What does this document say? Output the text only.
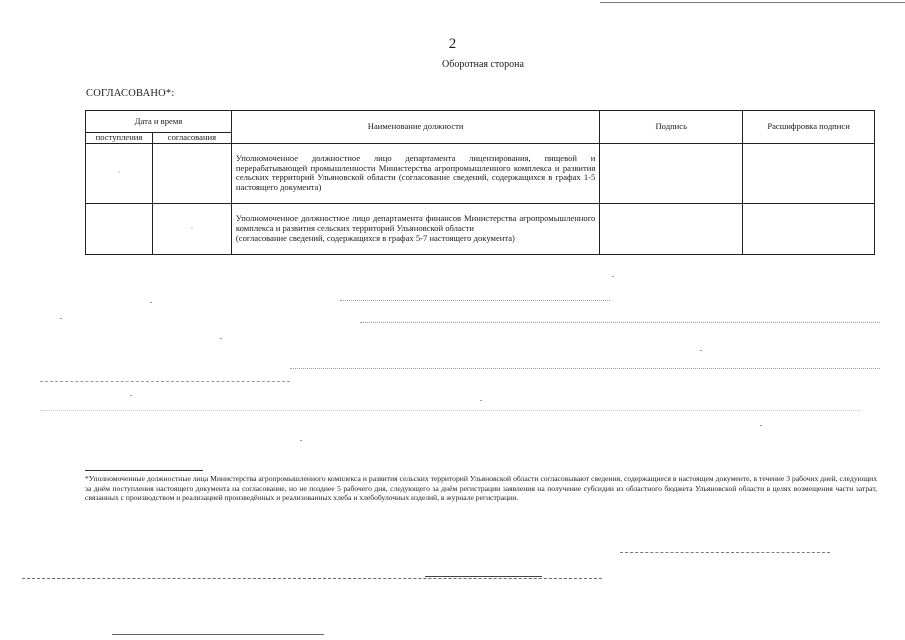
2
Оборотная сторона
СОГЛАСОВАНО*:
Дата и время		Наименование должности	Подпись	Расшифровка подписи
поступления	согласования			
·		Уполномоченное должностное лицо департамента лицензирования, пищевой и перерабатывающей промышленности Министерства агропромышленного комплекса и развития сельских территорий Ульяновской области (согласование сведений, содержащихся в графах 1-5 настоящего документа)		
	·	Уполномоченное должностное лицо департамента финансов Министерства агропромышленного комплекса и развития сельских территорий Ульяновской области
(согласование сведений, содержащихся в графах 5-7 настоящего документа)		

*Уполномоченные должностные лица Министерства агропромышленного комплекса и развития сельских территорий Ульяновской области согласовывают сведения, содержащиеся в настоящем документе, в течение 3 рабочих дней, следующих за днём поступления настоящего документа на согласование, но не позднее 5 рабочего дня, следующего за днём регистрации заявления на получение субсидии из областного бюджета Ульяновской области в целях возмещения части затрат, связанных с производством и реализацией произведённых и реализованных хлеба и хлебобулочных изделий, в журнале регистрации.
